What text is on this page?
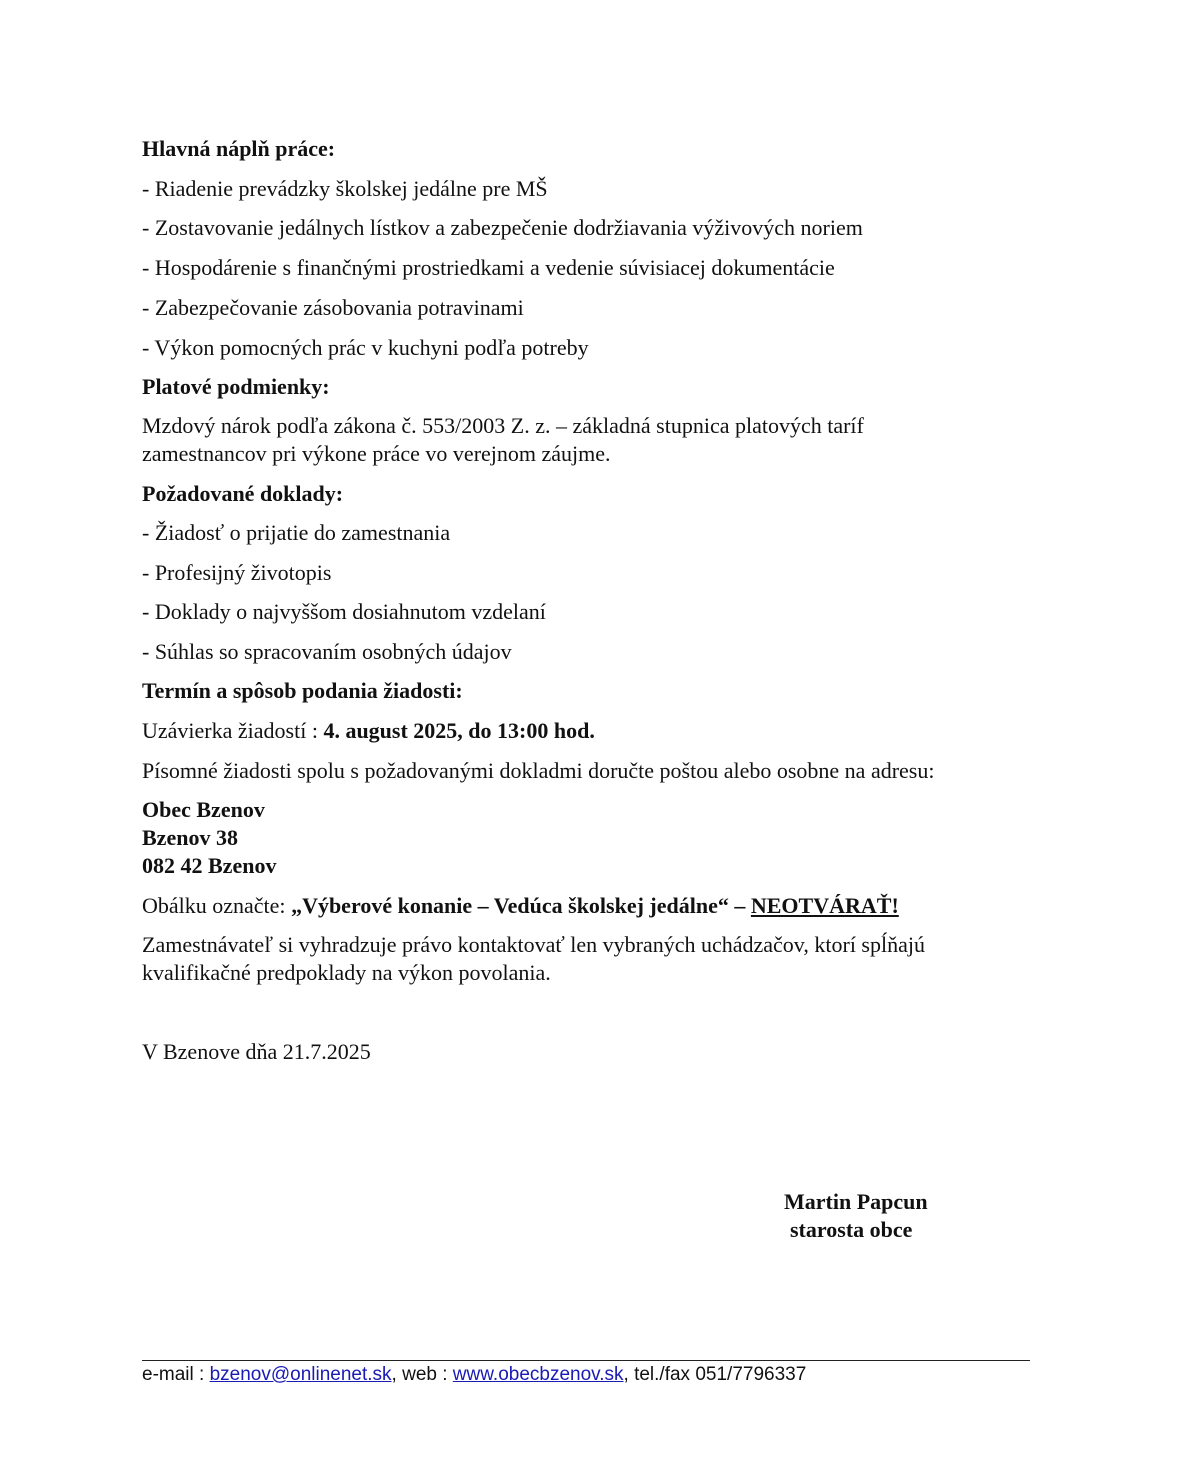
Hlavná náplň práce:
- Riadenie prevádzky školskej jedálne pre MŠ
- Zostavovanie jedálnych lístkov a zabezpečenie dodržiavania výživových noriem
- Hospodárenie s finančnými prostriedkami a vedenie súvisiacej dokumentácie
- Zabezpečovanie zásobovania potravinami
- Výkon pomocných prác v kuchyni podľa potreby
Platové podmienky:
Mzdový nárok podľa zákona č. 553/2003 Z. z. – základná stupnica platových taríf
zamestnancov pri výkone práce vo verejnom záujme.
Požadované doklady:
- Žiadosť o prijatie do zamestnania
- Profesijný životopis
- Doklady o najvyššom dosiahnutom vzdelaní
- Súhlas so spracovaním osobných údajov
Termín a spôsob podania žiadosti:
Uzávierka žiadostí : 4. august 2025, do 13:00 hod.
Písomné žiadosti spolu s požadovanými dokladmi doručte poštou alebo osobne na adresu:
Obec Bzenov
Bzenov 38
082 42 Bzenov
Obálku označte: „Výberové konanie – Vedúca školskej jedálne“ – NEOTVÁRAŤ!
Zamestnávateľ si vyhradzuje právo kontaktovať len vybraných uchádzačov, ktorí spĺňajú
kvalifikačné predpoklady na výkon povolania.
V Bzenove dňa 21.7.2025
Martin Papcun
starosta obce
e-mail : bzenov@onlinenet.sk, web : www.obecbzenov.sk, tel./fax 051/7796337
